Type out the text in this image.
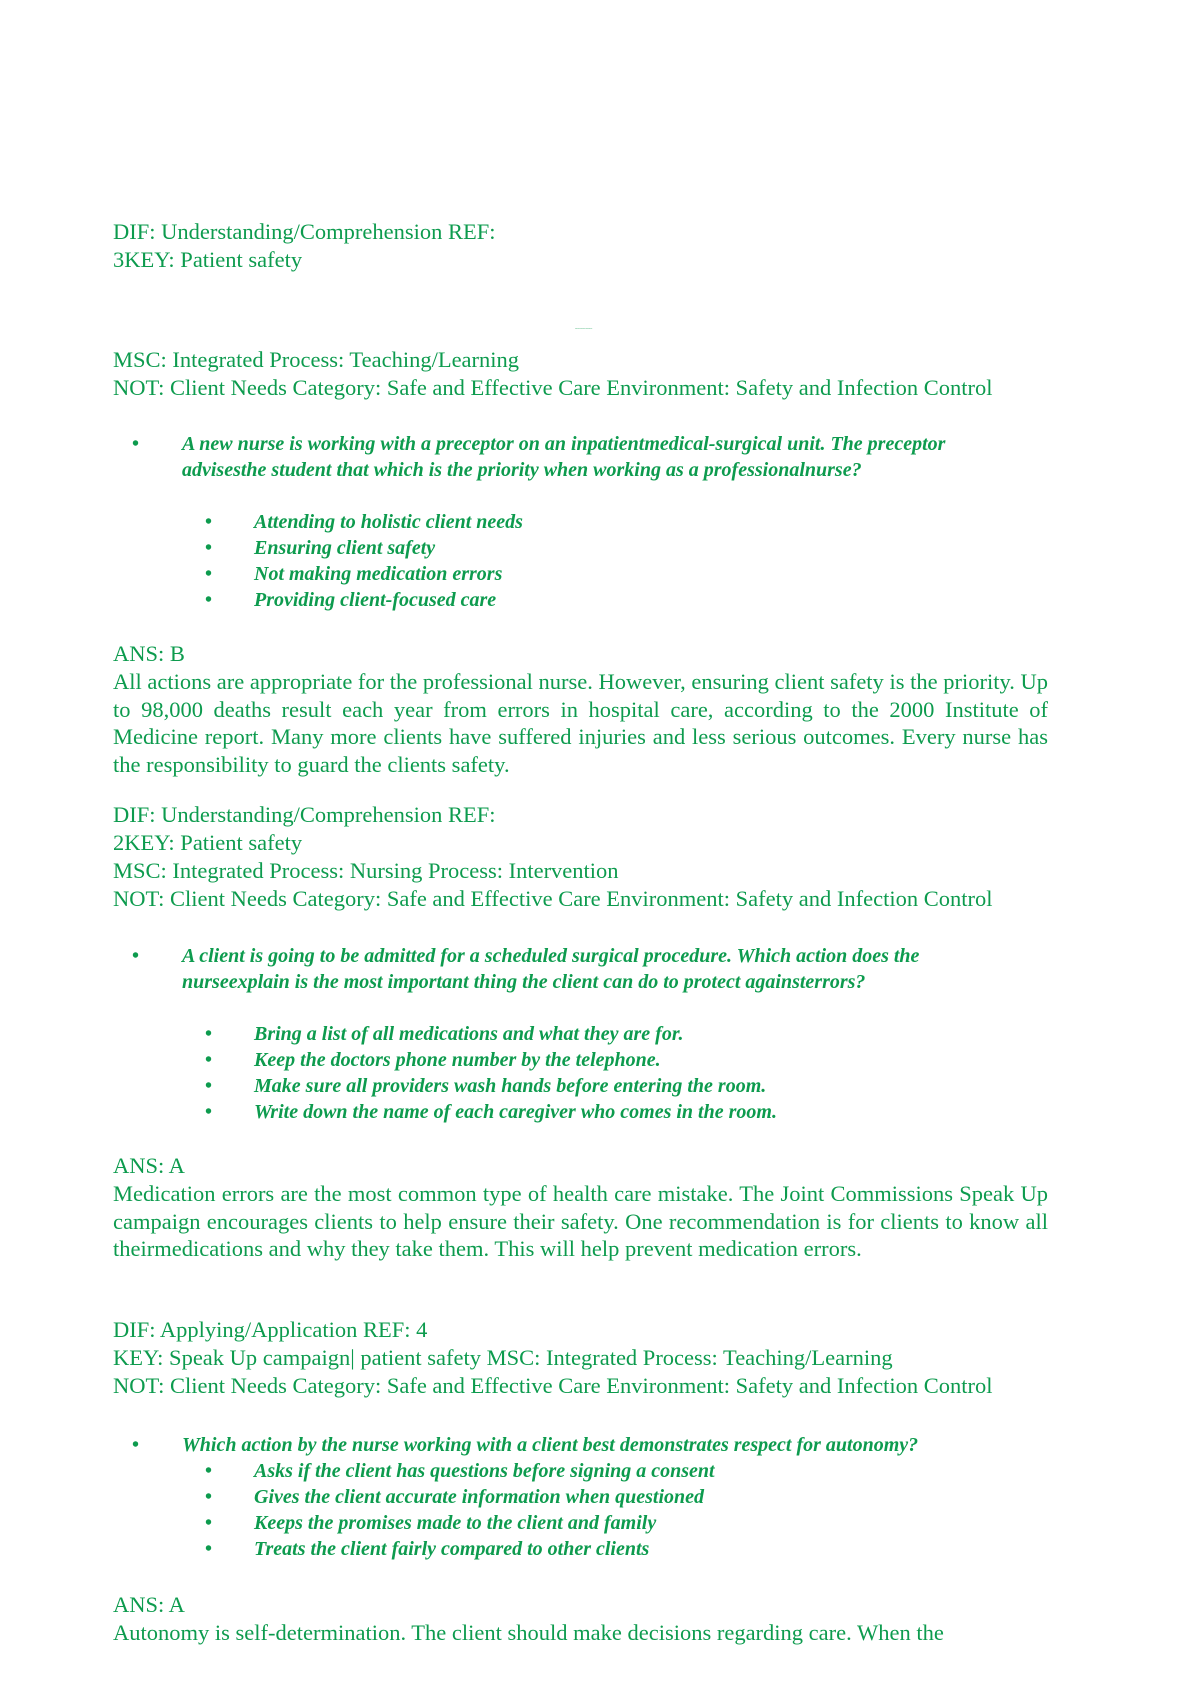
DIF: Understanding/Comprehension REF:

3KEY: Patient safety

~~~~~~~~

MSC: Integrated Process: Teaching/Learning

NOT: Client Needs Category: Safe and Effective Care Environment: Safety and Infection Control

• A new nurse is working with a preceptor on an inpatientmedical-surgical unit. The preceptor advisesthe student that which is the priority when working as a professionalnurse?

• Attending to holistic client needs
• Ensuring client safety
• Not making medication errors
• Providing client-focused care

ANS: B

All actions are appropriate for the professional nurse. However, ensuring client safety is the priority. Up to 98,000 deaths result each year from errors in hospital care, according to the 2000 Institute of Medicine report. Many more clients have suffered injuries and less serious outcomes. Every nurse has the responsibility to guard the clients safety.

DIF: Understanding/Comprehension REF:

2KEY: Patient safety

MSC: Integrated Process: Nursing Process: Intervention

NOT: Client Needs Category: Safe and Effective Care Environment: Safety and Infection Control

• A client is going to be admitted for a scheduled surgical procedure. Which action does the nurseexplain is the most important thing the client can do to protect againsterrors?

• Bring a list of all medications and what they are for.
• Keep the doctors phone number by the telephone.
• Make sure all providers wash hands before entering the room.
• Write down the name of each caregiver who comes in the room.

ANS: A

Medication errors are the most common type of health care mistake. The Joint Commissions Speak Up campaign encourages clients to help ensure their safety. One recommendation is for clients to know all theirmedications and why they take them. This will help prevent medication errors.

DIF: Applying/Application REF: 4

KEY: Speak Up campaign| patient safety MSC: Integrated Process: Teaching/Learning

NOT: Client Needs Category: Safe and Effective Care Environment: Safety and Infection Control

• Which action by the nurse working with a client best demonstrates respect for autonomy?

• Asks if the client has questions before signing a consent
• Gives the client accurate information when questioned
• Keeps the promises made to the client and family
• Treats the client fairly compared to other clients

ANS: A

Autonomy is self-determination. The client should make decisions regarding care. When the
